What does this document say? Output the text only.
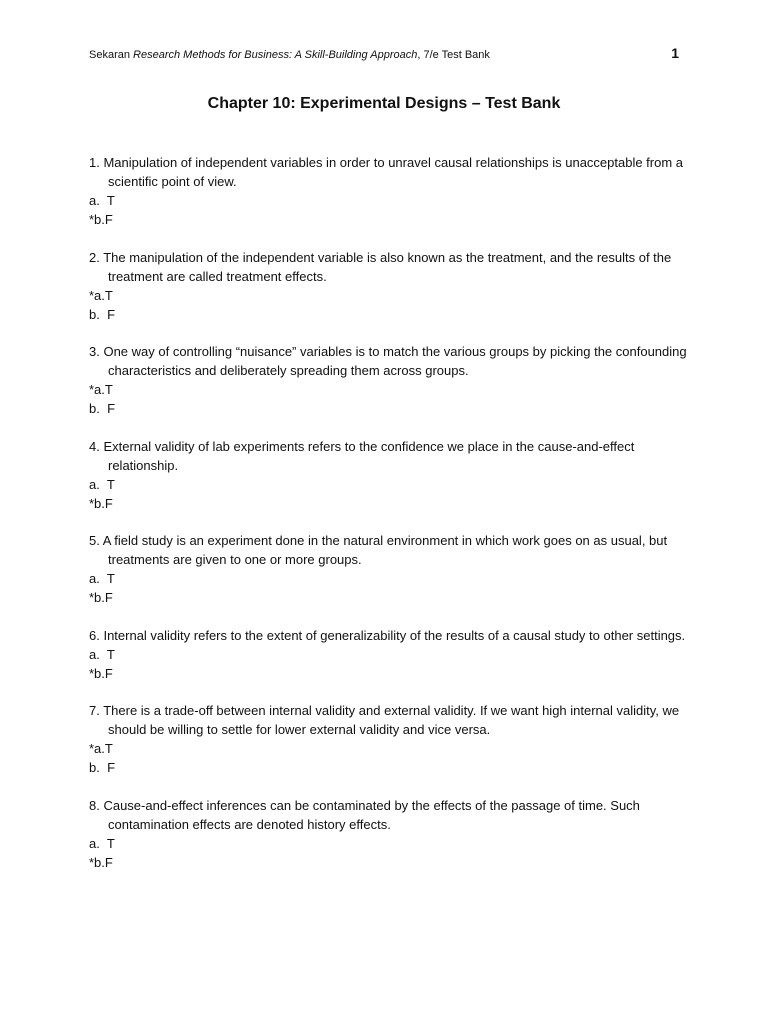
Sekaran Research Methods for Business: A Skill-Building Approach, 7/e Test Bank	1
Chapter 10: Experimental Designs – Test Bank
1. Manipulation of independent variables in order to unravel causal relationships is unacceptable from a scientific point of view.
a.  T
*b.F
2. The manipulation of the independent variable is also known as the treatment, and the results of the treatment are called treatment effects.
*a.T
b.  F
3. One way of controlling “nuisance” variables is to match the various groups by picking the confounding characteristics and deliberately spreading them across groups.
*a.T
b.  F
4. External validity of lab experiments refers to the confidence we place in the cause-and-effect relationship.
a.  T
*b.F
5. A field study is an experiment done in the natural environment in which work goes on as usual, but treatments are given to one or more groups.
a.  T
*b.F
6. Internal validity refers to the extent of generalizability of the results of a causal study to other settings.
a.  T
*b.F
7. There is a trade-off between internal validity and external validity. If we want high internal validity, we should be willing to settle for lower external validity and vice versa.
*a.T
b.  F
8. Cause-and-effect inferences can be contaminated by the effects of the passage of time. Such contamination effects are denoted history effects.
a.  T
*b.F
